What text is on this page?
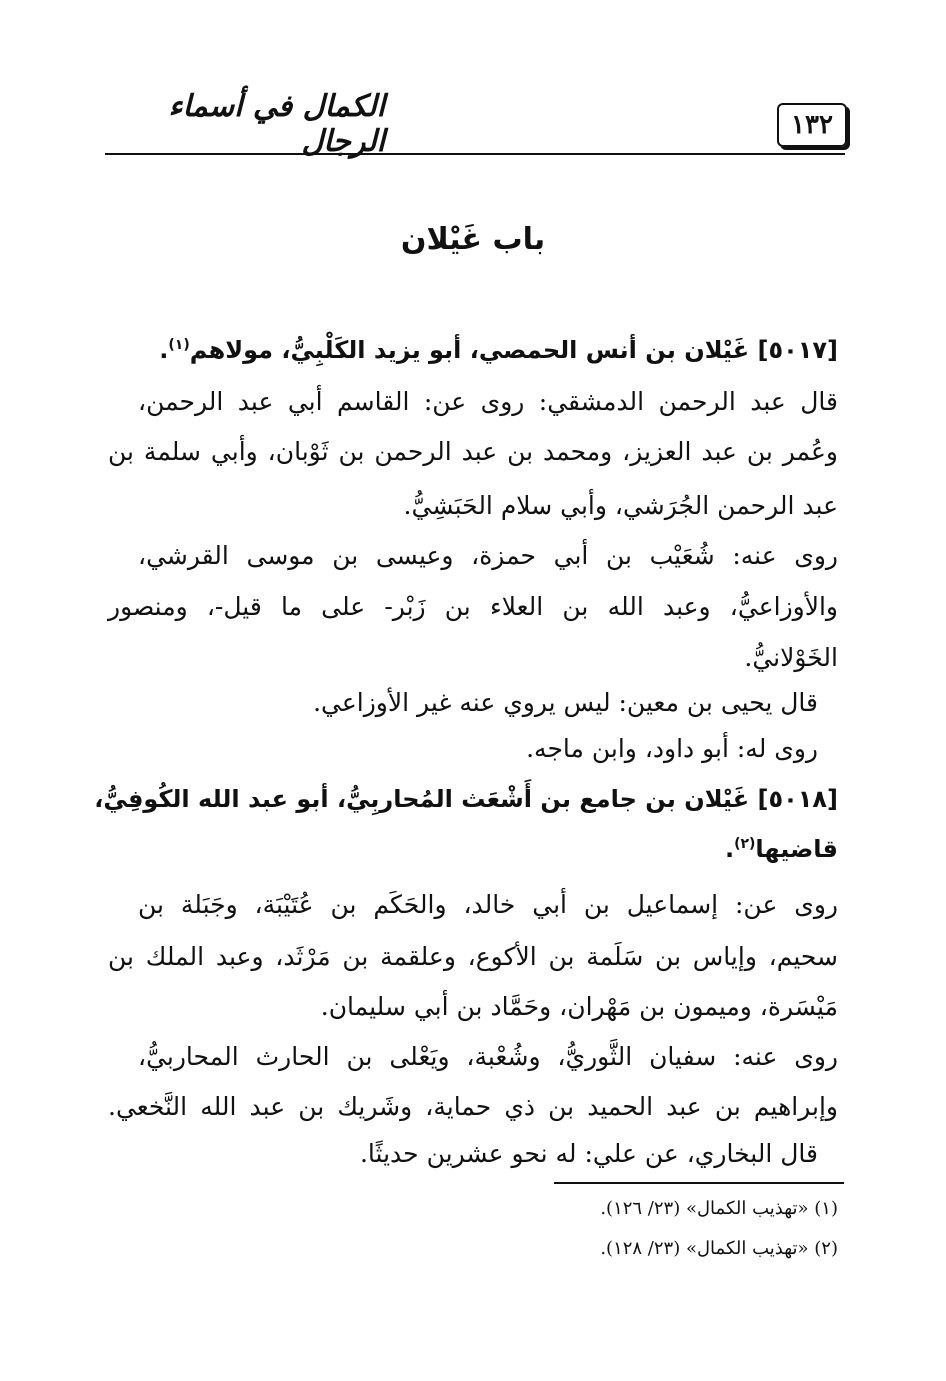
١٣٢
الكمال في أسماء الرجال
باب غَيْلان
[٥٠١٧] غَيْلان بن أنس الحمصي، أبو يزيد الكَلْبِيُّ، مولاهم$^{(١)}$.
قال عبد الرحمن الدمشقي: روى عن: القاسم أبي عبد الرحمن،
وعُمر بن عبد العزيز، ومحمد بن عبد الرحمن بن ثَوْبان، وأبي سلمة بن
عبد الرحمن الجُرَشي، وأبي سلام الحَبَشِيُّ.
روى عنه: شُعَيْب بن أبي حمزة، وعيسى بن موسى القرشي،
والأوزاعيُّ، وعبد الله بن العلاء بن زَبْر- على ما قيل-، ومنصور
الخَوْلانيُّ.
قال يحيى بن معين: ليس يروي عنه غير الأوزاعي.
روى له: أبو داود، وابن ماجه.
[٥٠١٨] غَيْلان بن جامع بن أَشْعَث المُحاربِيُّ، أبو عبد الله الكُوفِيُّ،
قاضيها$^{(٢)}$.
روى عن: إسماعيل بن أبي خالد، والحَكَم بن عُتَيْبَة، وجَبَلة بن
سحيم، وإياس بن سَلَمة بن الأكوع، وعلقمة بن مَرْثَد، وعبد الملك بن
مَيْسَرة، وميمون بن مَهْران، وحَمَّاد بن أبي سليمان.
روى عنه: سفيان الثَّوريُّ، وشُعْبة، ويَعْلى بن الحارث المحاربيُّ،
وإبراهيم بن عبد الحميد بن ذي حماية، وشَريك بن عبد الله النَّخعي.
قال البخاري، عن علي: له نحو عشرين حديثًا.
(١) «تهذيب الكمال» (٢٣/ ١٢٦).
(٢) «تهذيب الكمال» (٢٣/ ١٢٨).
